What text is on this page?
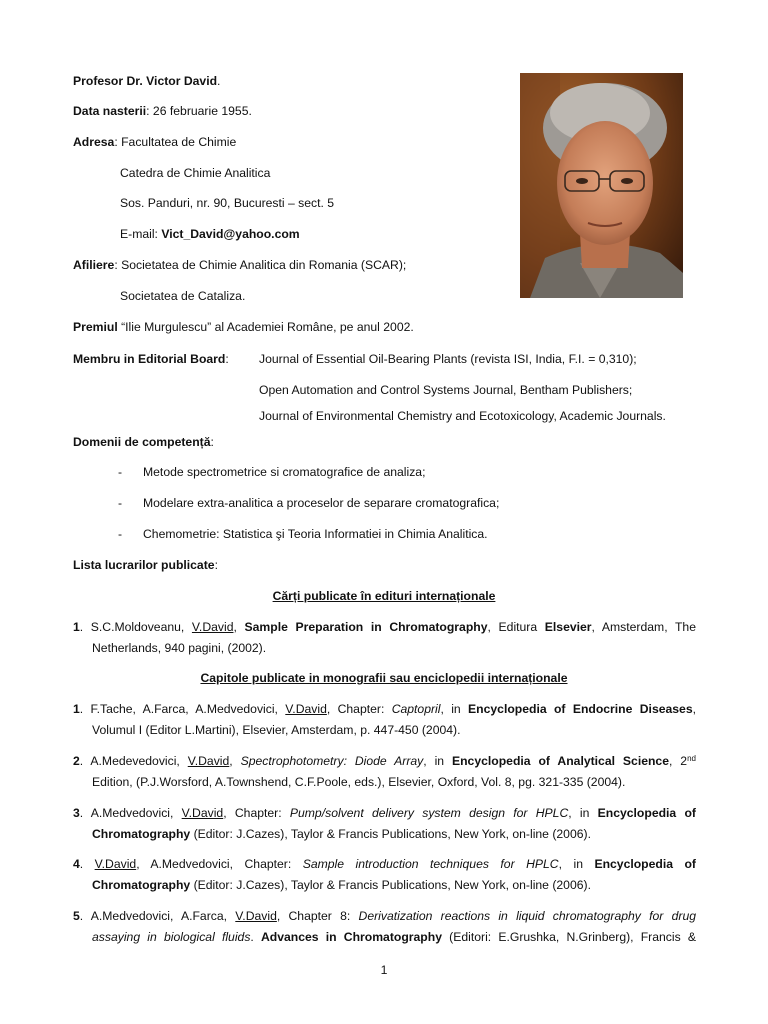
Profesor Dr. Victor David.
Data nasterii: 26 februarie 1955.
Adresa: Facultatea de Chimie
Catedra de Chimie Analitica
Sos. Panduri, nr. 90, Bucuresti – sect. 5
E-mail: Vict_David@yahoo.com
Afiliere: Societatea de Chimie Analitica din Romania (SCAR);
Societatea de Cataliza.
Premiul “Ilie Murgulescu” al Academiei Române, pe anul 2002.
Membru in Editorial Board: Journal of Essential Oil-Bearing Plants (revista ISI, India, F.I. = 0,310);
Open Automation and Control Systems Journal, Bentham Publishers;
Journal of Environmental Chemistry and Ecotoxicology, Academic Journals.
Domenii de competență:
- Metode spectrometrice si cromatografice de analiza;
- Modelare extra-analitica a proceselor de separare cromatografica;
- Chemometrie: Statistica şi Teoria Informatiei in Chimia Analitica.
Lista lucrarilor publicate:
Cărți publicate în edituri internaționale
1. S.C.Moldoveanu, V.David, Sample Preparation in Chromatography, Editura Elsevier, Amsterdam, The
Netherlands, 940 pagini, (2002).
Capitole publicate in monografii sau enciclopedii internaționale
1. F.Tache, A.Farca, A.Medvedovici, V.David, Chapter: Captopril, in Encyclopedia of Endocrine Diseases,
Volumul I (Editor L.Martini), Elsevier, Amsterdam, p. 447-450 (2004).
2. A.Medevedovici, V.David, Spectrophotometry: Diode Array, in Encyclopedia of Analytical Science, 2nd
Edition, (P.J.Worsford, A.Townshend, C.F.Poole, eds.), Elsevier, Oxford, Vol. 8, pg. 321-335 (2004).
3. A.Medvedovici, V.David, Chapter: Pump/solvent delivery system design for HPLC, in Encyclopedia of
Chromatography (Editor: J.Cazes), Taylor & Francis Publications, New York, on-line (2006).
4. V.David, A.Medvedovici, Chapter: Sample introduction techniques for HPLC, in Encyclopedia of
Chromatography (Editor: J.Cazes), Taylor & Francis Publications, New York, on-line (2006).
5. A.Medvedovici, A.Farca, V.David, Chapter 8: Derivatization reactions in liquid chromatography for drug
assaying in biological fluids. Advances in Chromatography (Editori: E.Grushka, N.Grinberg), Francis &
1
